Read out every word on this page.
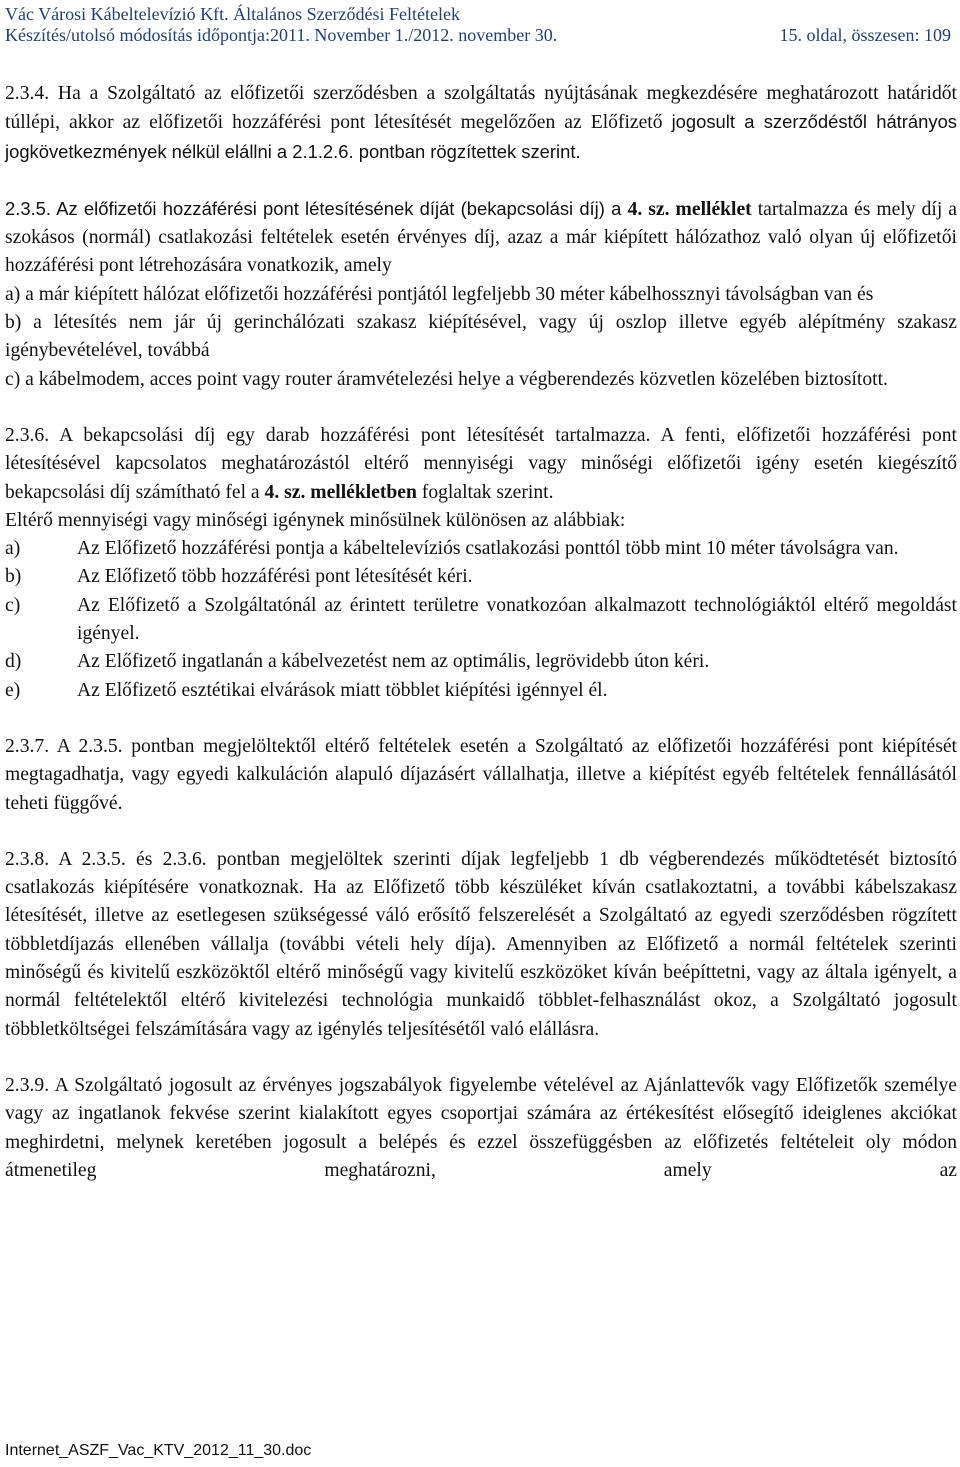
Vác Városi Kábeltelevízió Kft. Általános Szerződési Feltételek
Készítés/utolsó módosítás időpontja:2011. November 1./2012. november 30.	15. oldal, összesen: 109

2.3.4. Ha a Szolgáltató az előfizetői szerződésben a szolgáltatás nyújtásának megkezdésére meghatározott határidőt túllépi, akkor az előfizetői hozzáférési pont létesítését megelőzően az Előfizető jogosult a szerződéstől hátrányos jogkövetkezmények nélkül elállni a 2.1.2.6. pontban rögzítettek szerint.

2.3.5. Az előfizetői hozzáférési pont létesítésének díját (bekapcsolási díj) a 4. sz. melléklet tartalmazza és mely díj a szokásos (normál) csatlakozási feltételek esetén érvényes díj, azaz a már kiépített hálózathoz való olyan új előfizetői hozzáférési pont létrehozására vonatkozik, amely

a) a már kiépített hálózat előfizetői hozzáférési pontjától legfeljebb 30 méter kábelhossznyi távolságban van és

b) a létesítés nem jár új gerinchálózati szakasz kiépítésével, vagy új oszlop illetve egyéb alépítmény szakasz igénybevételével, továbbá

c) a kábelmodem, acces point vagy router áramvételezési helye a végberendezés közvetlen közelében biztosított.

2.3.6. A bekapcsolási díj egy darab hozzáférési pont létesítését tartalmazza. A fenti, előfizetői hozzáférési pont létesítésével kapcsolatos meghatározástól eltérő mennyiségi vagy minőségi előfizetői igény esetén kiegészítő bekapcsolási díj számítható fel a 4. sz. mellékletben foglaltak szerint.

Eltérő mennyiségi vagy minőségi igénynek minősülnek különösen az alábbiak:

a)	Az Előfizető hozzáférési pontja a kábeltelevíziós csatlakozási ponttól több mint 10 méter távolságra van.
b)	Az Előfizető több hozzáférési pont létesítését kéri.
c)	Az Előfizető a Szolgáltatónál az érintett területre vonatkozóan alkalmazott technológiáktól eltérő megoldást igényel.
d)	Az Előfizető ingatlanán a kábelvezetést nem az optimális, legrövidebb úton kéri.
e)	Az Előfizető esztétikai elvárások miatt többlet kiépítési igénnyel él.

2.3.7. A 2.3.5. pontban megjelöltektől eltérő feltételek esetén a Szolgáltató az előfizetői hozzáférési pont kiépítését megtagadhatja, vagy egyedi kalkuláción alapuló díjazásért vállalhatja, illetve a kiépítést egyéb feltételek fennállásától teheti függővé.

2.3.8. A 2.3.5. és 2.3.6. pontban megjelöltek szerinti díjak legfeljebb 1 db végberendezés működtetését biztosító csatlakozás kiépítésére vonatkoznak. Ha az Előfizető több készüléket kíván csatlakoztatni, a további kábelszakasz létesítését, illetve az esetlegesen szükségessé váló erősítő felszerelését a Szolgáltató az egyedi szerződésben rögzített többletdíjazás ellenében vállalja (további vételi hely díja). Amennyiben az Előfizető a normál feltételek szerinti minőségű és kivitelű eszközöktől eltérő minőségű vagy kivitelű eszközöket kíván beépíttetni, vagy az általa igényelt, a normál feltételektől eltérő kivitelezési technológia munkaidő többlet-felhasználást okoz, a Szolgáltató jogosult többletköltségei felszámítására vagy az igénylés teljesítésétől való elállásra.

2.3.9. A Szolgáltató jogosult az érvényes jogszabályok figyelembe vételével az Ajánlattevők vagy Előfizetők személye vagy az ingatlanok fekvése szerint kialakított egyes csoportjai számára az értékesítést elősegítő ideiglenes akciókat meghirdetni, melynek keretében jogosult a belépés és ezzel összefüggésben az előfizetés feltételeit oly módon átmenetileg meghatározni, amely az

Internet_ASZF_Vac_KTV_2012_11_30.doc
